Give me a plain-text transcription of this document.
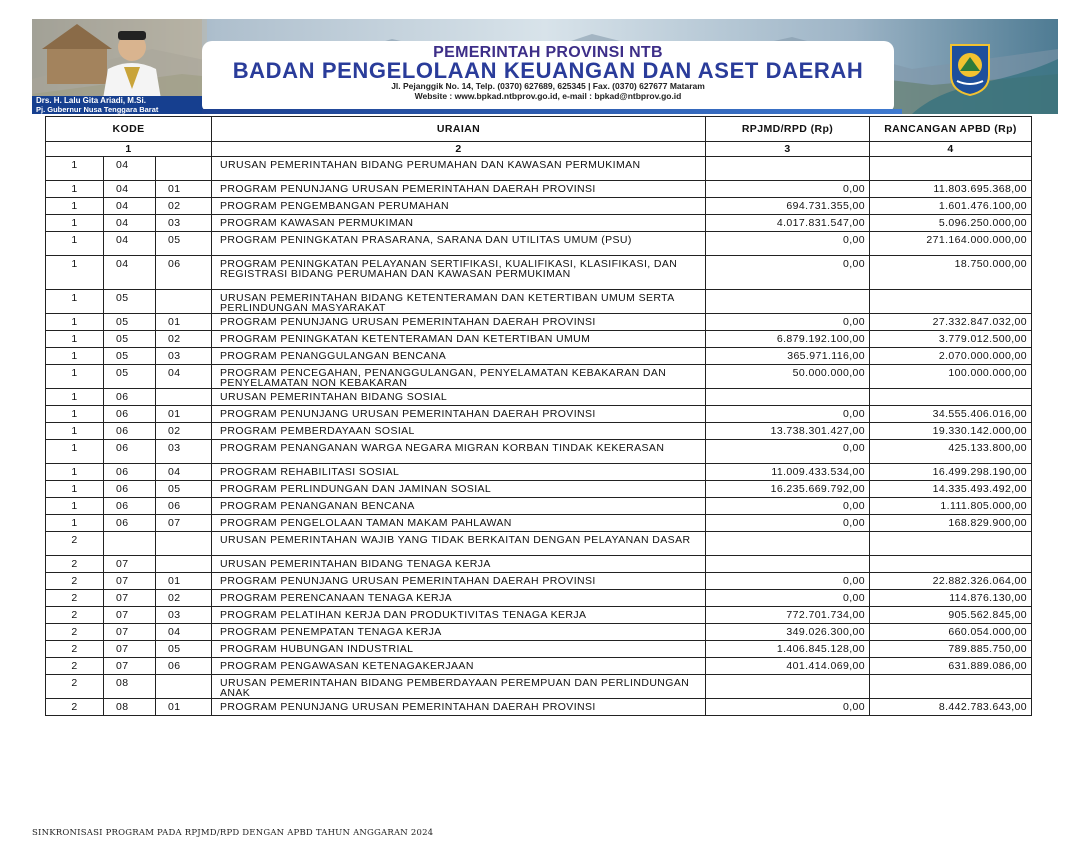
Drs. H. Lalu Gita Ariadi, M.Si.
Pj. Gubernur Nusa Tenggara Barat
PEMERINTAH PROVINSI NTB
BADAN PENGELOLAAN KEUANGAN DAN ASET DAERAH
Jl. Pejanggik No. 14, Telp. (0370) 627689, 625345 | Fax. (0370) 627677 Mataram
Website : www.bpkad.ntbprov.go.id, e-mail : bpkad@ntbprov.go.id
KODE			URAIAN	RPJMD/RPD (Rp)	RANCANGAN APBD (Rp)
1			2	3	4
1	04		URUSAN PEMERINTAHAN BIDANG PERUMAHAN DAN KAWASAN PERMUKIMAN		
1	04	01	PROGRAM PENUNJANG URUSAN PEMERINTAHAN DAERAH PROVINSI	0,00	11.803.695.368,00
1	04	02	PROGRAM PENGEMBANGAN PERUMAHAN	694.731.355,00	1.601.476.100,00
1	04	03	PROGRAM KAWASAN PERMUKIMAN	4.017.831.547,00	5.096.250.000,00
1	04	05	PROGRAM PENINGKATAN PRASARANA, SARANA DAN UTILITAS UMUM (PSU)	0,00	271.164.000.000,00
1	04	06	PROGRAM PENINGKATAN PELAYANAN SERTIFIKASI, KUALIFIKASI, KLASIFIKASI, DAN REGISTRASI BIDANG PERUMAHAN DAN KAWASAN PERMUKIMAN	0,00	18.750.000,00
1	05		URUSAN PEMERINTAHAN BIDANG KETENTERAMAN DAN KETERTIBAN UMUM SERTA PERLINDUNGAN MASYARAKAT		
1	05	01	PROGRAM PENUNJANG URUSAN PEMERINTAHAN DAERAH PROVINSI	0,00	27.332.847.032,00
1	05	02	PROGRAM PENINGKATAN KETENTERAMAN DAN KETERTIBAN UMUM	6.879.192.100,00	3.779.012.500,00
1	05	03	PROGRAM PENANGGULANGAN BENCANA	365.971.116,00	2.070.000.000,00
1	05	04	PROGRAM PENCEGAHAN, PENANGGULANGAN, PENYELAMATAN KEBAKARAN DAN PENYELAMATAN NON KEBAKARAN	50.000.000,00	100.000.000,00
1	06		URUSAN PEMERINTAHAN BIDANG SOSIAL		
1	06	01	PROGRAM PENUNJANG URUSAN PEMERINTAHAN DAERAH PROVINSI	0,00	34.555.406.016,00
1	06	02	PROGRAM PEMBERDAYAAN SOSIAL	13.738.301.427,00	19.330.142.000,00
1	06	03	PROGRAM PENANGANAN WARGA NEGARA MIGRAN KORBAN TINDAK KEKERASAN	0,00	425.133.800,00
1	06	04	PROGRAM REHABILITASI SOSIAL	11.009.433.534,00	16.499.298.190,00
1	06	05	PROGRAM PERLINDUNGAN DAN JAMINAN SOSIAL	16.235.669.792,00	14.335.493.492,00
1	06	06	PROGRAM PENANGANAN BENCANA	0,00	1.111.805.000,00
1	06	07	PROGRAM PENGELOLAAN TAMAN MAKAM PAHLAWAN	0,00	168.829.900,00
2			URUSAN PEMERINTAHAN WAJIB YANG TIDAK BERKAITAN DENGAN PELAYANAN DASAR		
2	07		URUSAN PEMERINTAHAN BIDANG TENAGA KERJA		
2	07	01	PROGRAM PENUNJANG URUSAN PEMERINTAHAN DAERAH PROVINSI	0,00	22.882.326.064,00
2	07	02	PROGRAM PERENCANAAN TENAGA KERJA	0,00	114.876.130,00
2	07	03	PROGRAM PELATIHAN KERJA DAN PRODUKTIVITAS TENAGA KERJA	772.701.734,00	905.562.845,00
2	07	04	PROGRAM PENEMPATAN TENAGA KERJA	349.026.300,00	660.054.000,00
2	07	05	PROGRAM HUBUNGAN INDUSTRIAL	1.406.845.128,00	789.885.750,00
2	07	06	PROGRAM PENGAWASAN KETENAGAKERJAAN	401.414.069,00	631.889.086,00
2	08		URUSAN PEMERINTAHAN BIDANG PEMBERDAYAAN PEREMPUAN DAN PERLINDUNGAN ANAK		
2	08	01	PROGRAM PENUNJANG URUSAN PEMERINTAHAN DAERAH PROVINSI	0,00	8.442.783.643,00
SINKRONISASI PROGRAM PADA RPJMD/RPD DENGAN APBD TAHUN ANGGARAN 2024
